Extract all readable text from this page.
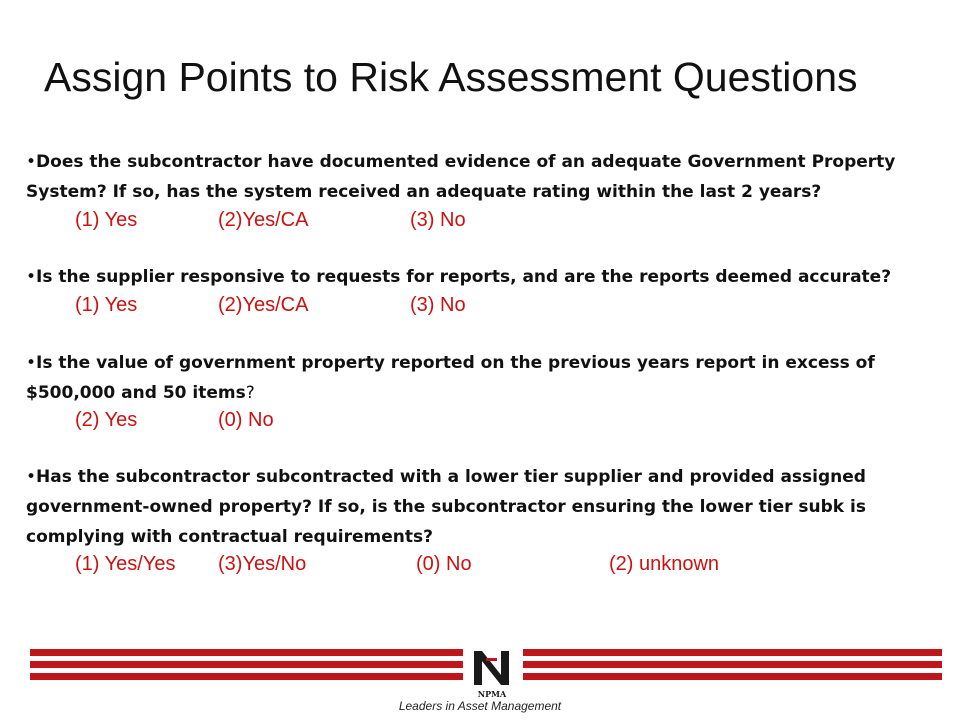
Assign Points to Risk Assessment Questions
•Does the subcontractor have documented evidence of an adequate Government Property System? If so, has the system received an adequate rating within the last 2 years?
(1) Yes	(2)Yes/CA	(3) No
•Is the supplier responsive to requests for reports, and are the reports deemed accurate?
(1) Yes	(2)Yes/CA	(3) No
•Is the value of government property reported on the previous years report in excess of $500,000 and 50 items?
(2) Yes	(0) No
•Has the subcontractor subcontracted with a lower tier supplier and provided assigned government-owned property? If so, is the subcontractor ensuring the lower tier subk is complying with contractual requirements?
(1) Yes/Yes (3)Yes/No	(0) No	(2) unknown
NPMA
Leaders in Asset Management
